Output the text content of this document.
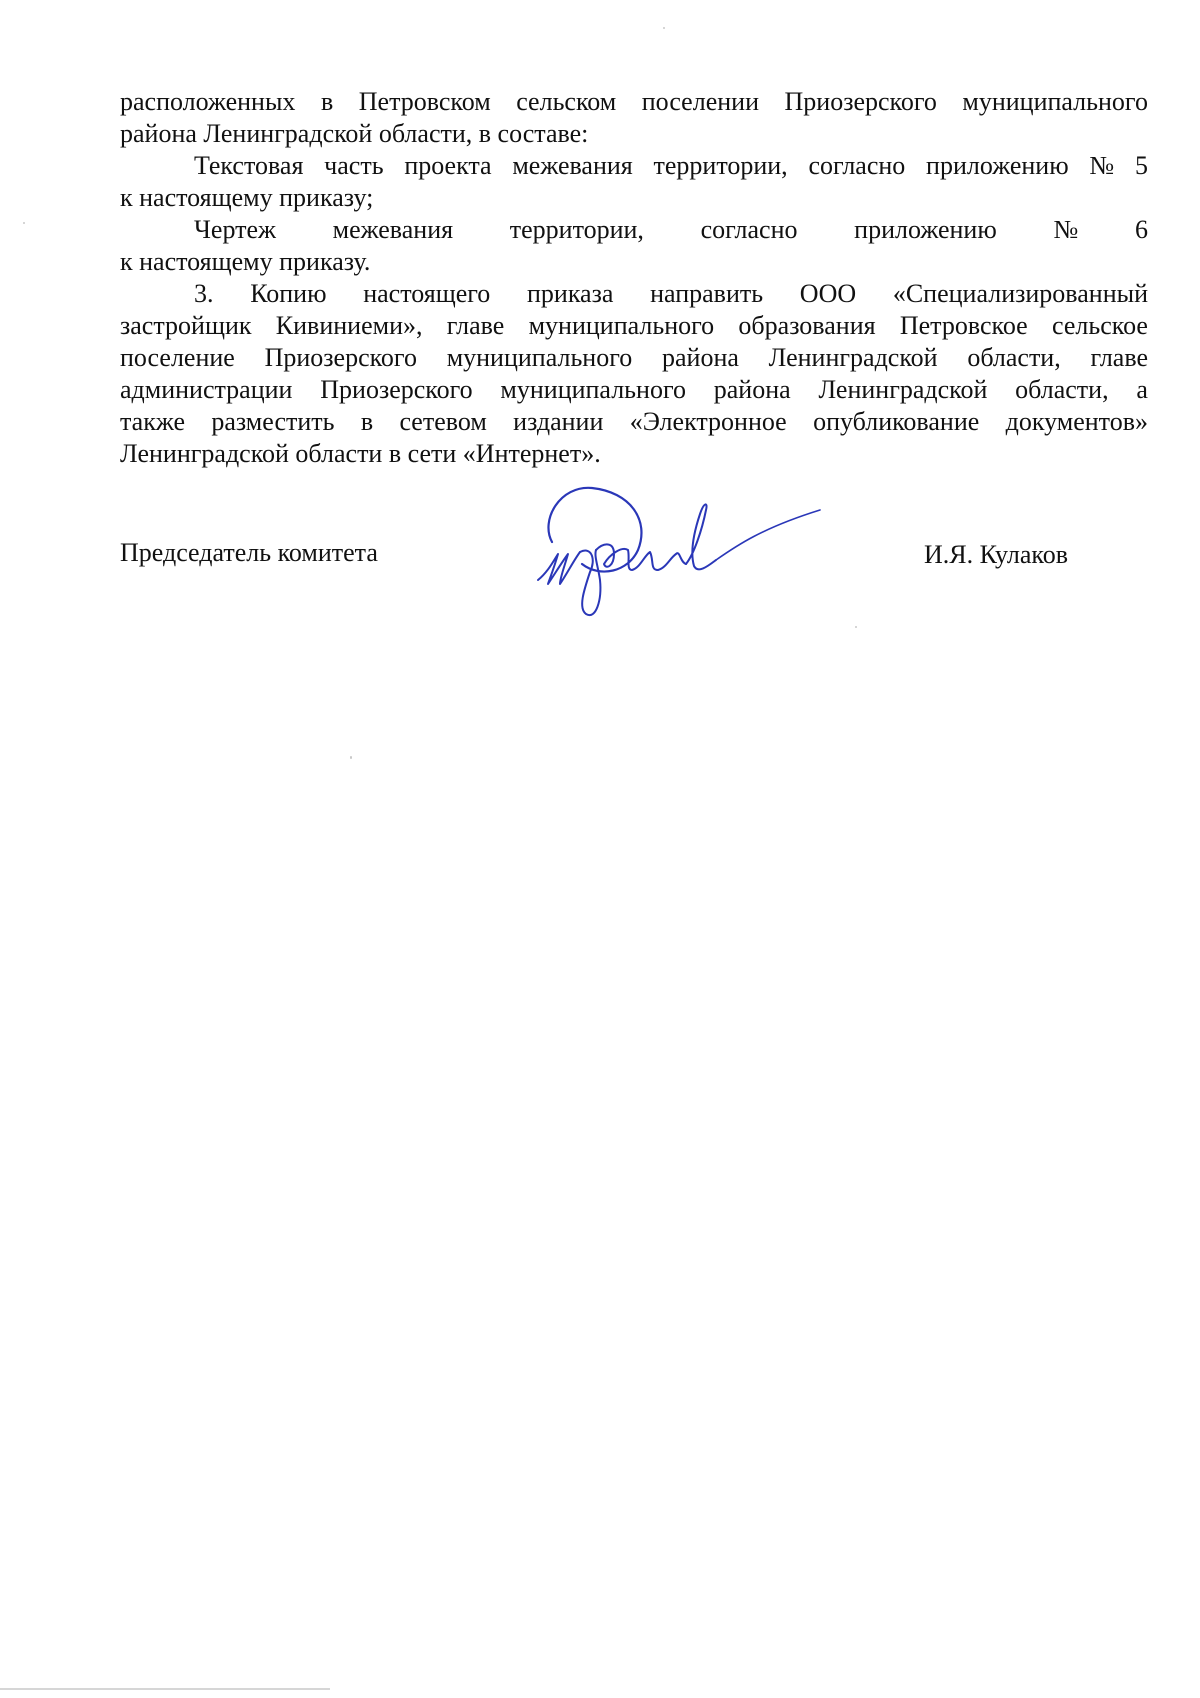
расположенных в Петровском сельском поселении Приозерского муниципального
района Ленинградской области, в составе:
Текстовая часть проекта межевания территории, согласно приложению № 5
к настоящему приказу;
Чертеж межевания территории, согласно приложению № 6
к настоящему приказу.
3. Копию настоящего приказа направить ООО «Специализированный
застройщик Кивиниеми», главе муниципального образования Петровское сельское
поселение Приозерского муниципального района Ленинградской области, главе
администрации Приозерского муниципального района Ленинградской области, а
также разместить в сетевом издании «Электронное опубликование документов»
Ленинградской области в сети «Интернет».
Председатель комитета	И.Я. Кулаков
